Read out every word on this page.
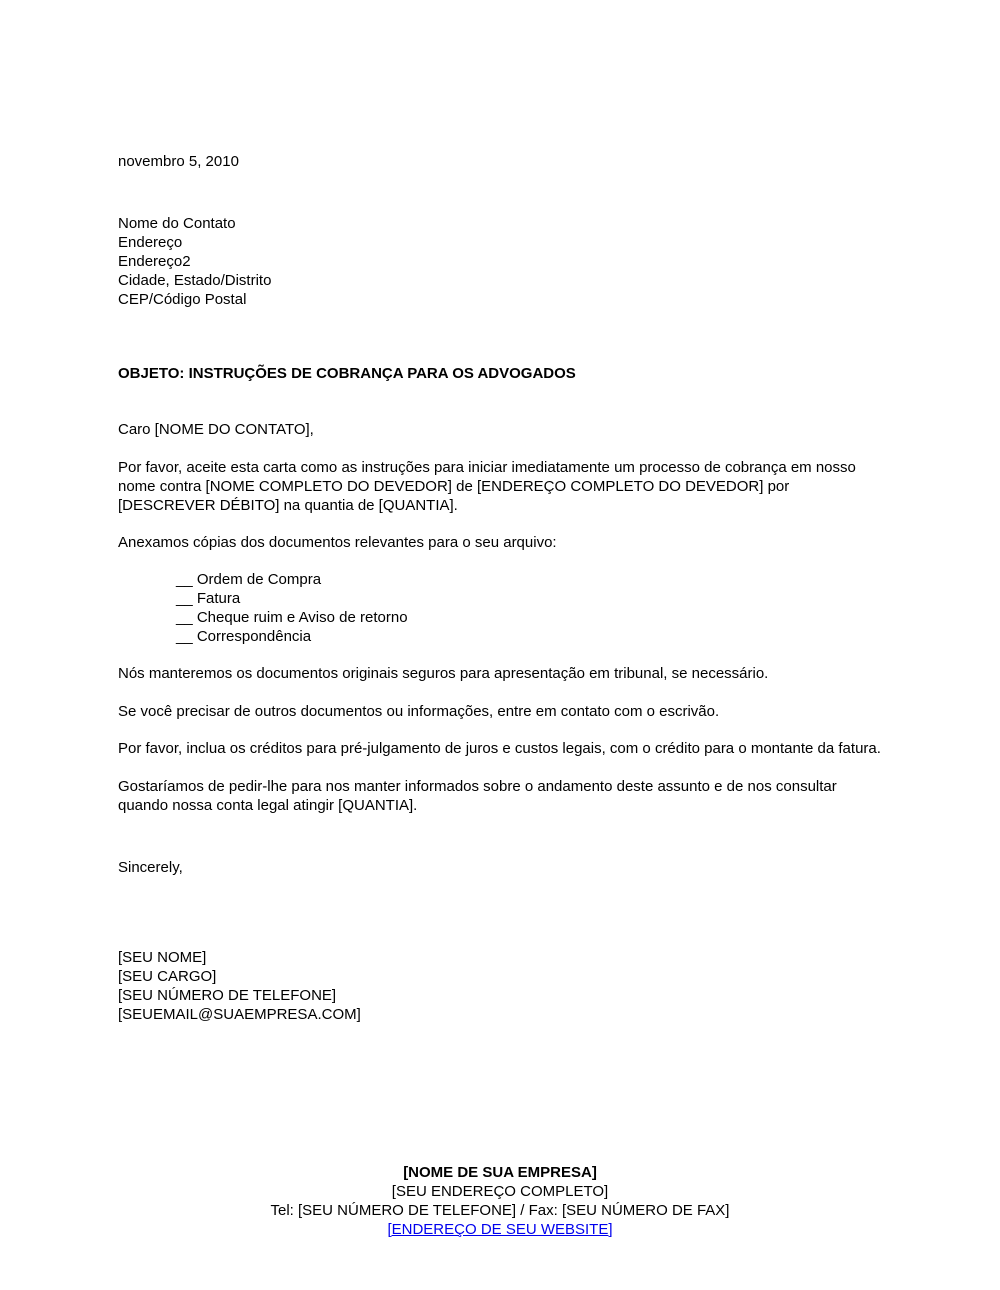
novembro 5, 2010
Nome do Contato
Endereço
Endereço2
Cidade, Estado/Distrito
CEP/Código Postal
OBJETO: INSTRUÇÕES DE COBRANÇA PARA OS ADVOGADOS
Caro [NOME DO CONTATO],

Por favor, aceite esta carta como as instruções para iniciar imediatamente um processo de cobrança em nosso nome contra [NOME COMPLETO DO DEVEDOR] de [ENDEREÇO COMPLETO DO DEVEDOR] por [DESCREVER DÉBITO] na quantia de [QUANTIA].

Anexamos cópias dos documentos relevantes para o seu arquivo:

__ Ordem de Compra
__ Fatura
__ Cheque ruim e Aviso de retorno
__ Correspondência

Nós manteremos os documentos originais seguros para apresentação em tribunal, se necessário.

Se você precisar de outros documentos ou informações, entre em contato com o escrivão.

Por favor, inclua os créditos para pré-julgamento de juros e custos legais, com o crédito para o montante da fatura.

Gostaríamos de pedir-lhe para nos manter informados sobre o andamento deste assunto e de nos consultar quando nossa conta legal atingir [QUANTIA].

Sincerely,
[SEU NOME]
[SEU CARGO]
[SEU NÚMERO DE TELEFONE]
[SEUEMAIL@SUAEMPRESA.COM]
[NOME DE SUA EMPRESA]
[SEU ENDEREÇO COMPLETO]
Tel: [SEU NÚMERO DE TELEFONE] / Fax: [SEU NÚMERO DE FAX]
[ENDEREÇO DE SEU WEBSITE]
